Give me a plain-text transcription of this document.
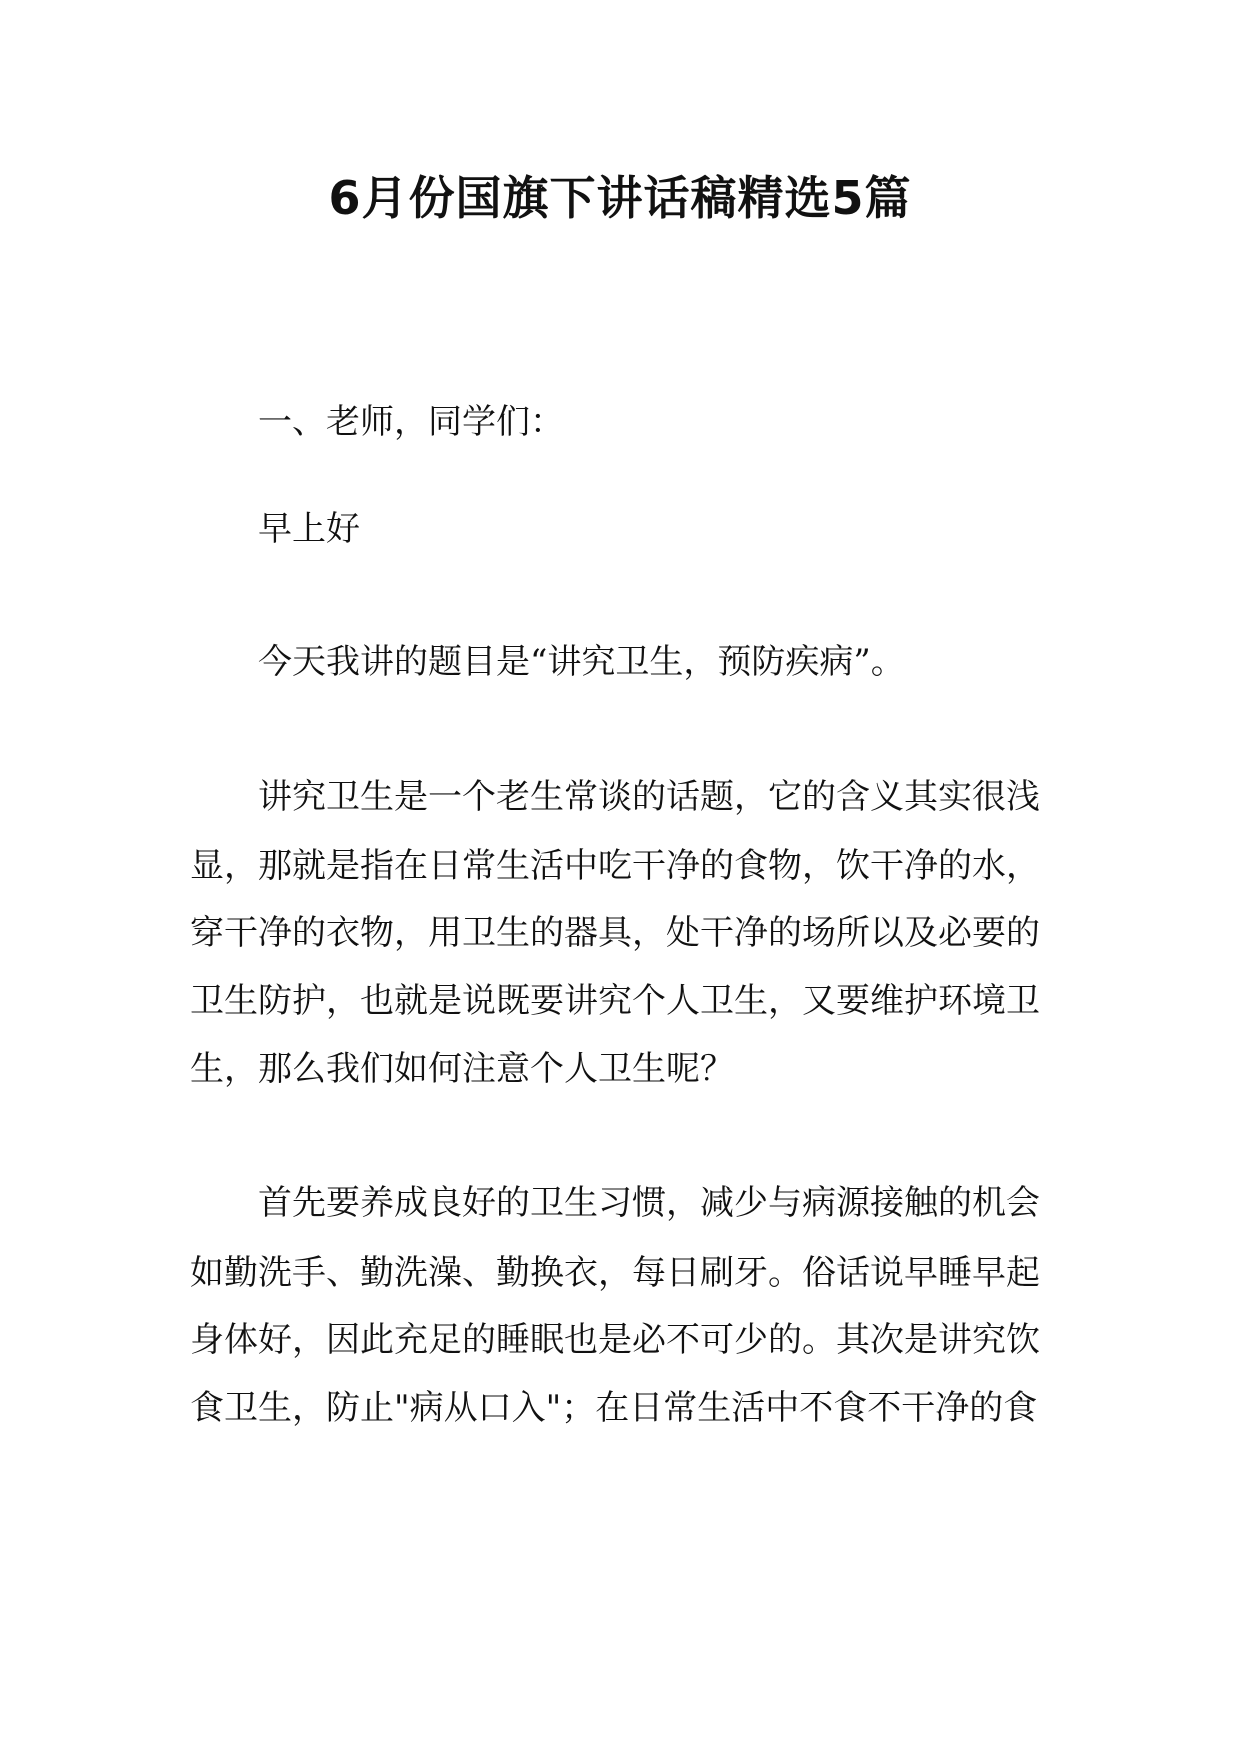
6月份国旗下讲话稿精选5篇
一、老师，同学们：
早上好
今天我讲的题目是“讲究卫生，预防疾病”。
讲究卫生是一个老生常谈的话题，它的含义其实很浅
显，那就是指在日常生活中吃干净的食物，饮干净的水，
穿干净的衣物，用卫生的器具，处干净的场所以及必要的
卫生防护，也就是说既要讲究个人卫生，又要维护环境卫
生，那么我们如何注意个人卫生呢？
首先要养成良好的卫生习惯，减少与病源接触的机会
如勤洗手、勤洗澡、勤换衣，每日刷牙。俗话说早睡早起
身体好，因此充足的睡眠也是必不可少的。其次是讲究饮
食卫生，防止"病从口入"；在日常生活中不食不干净的食
